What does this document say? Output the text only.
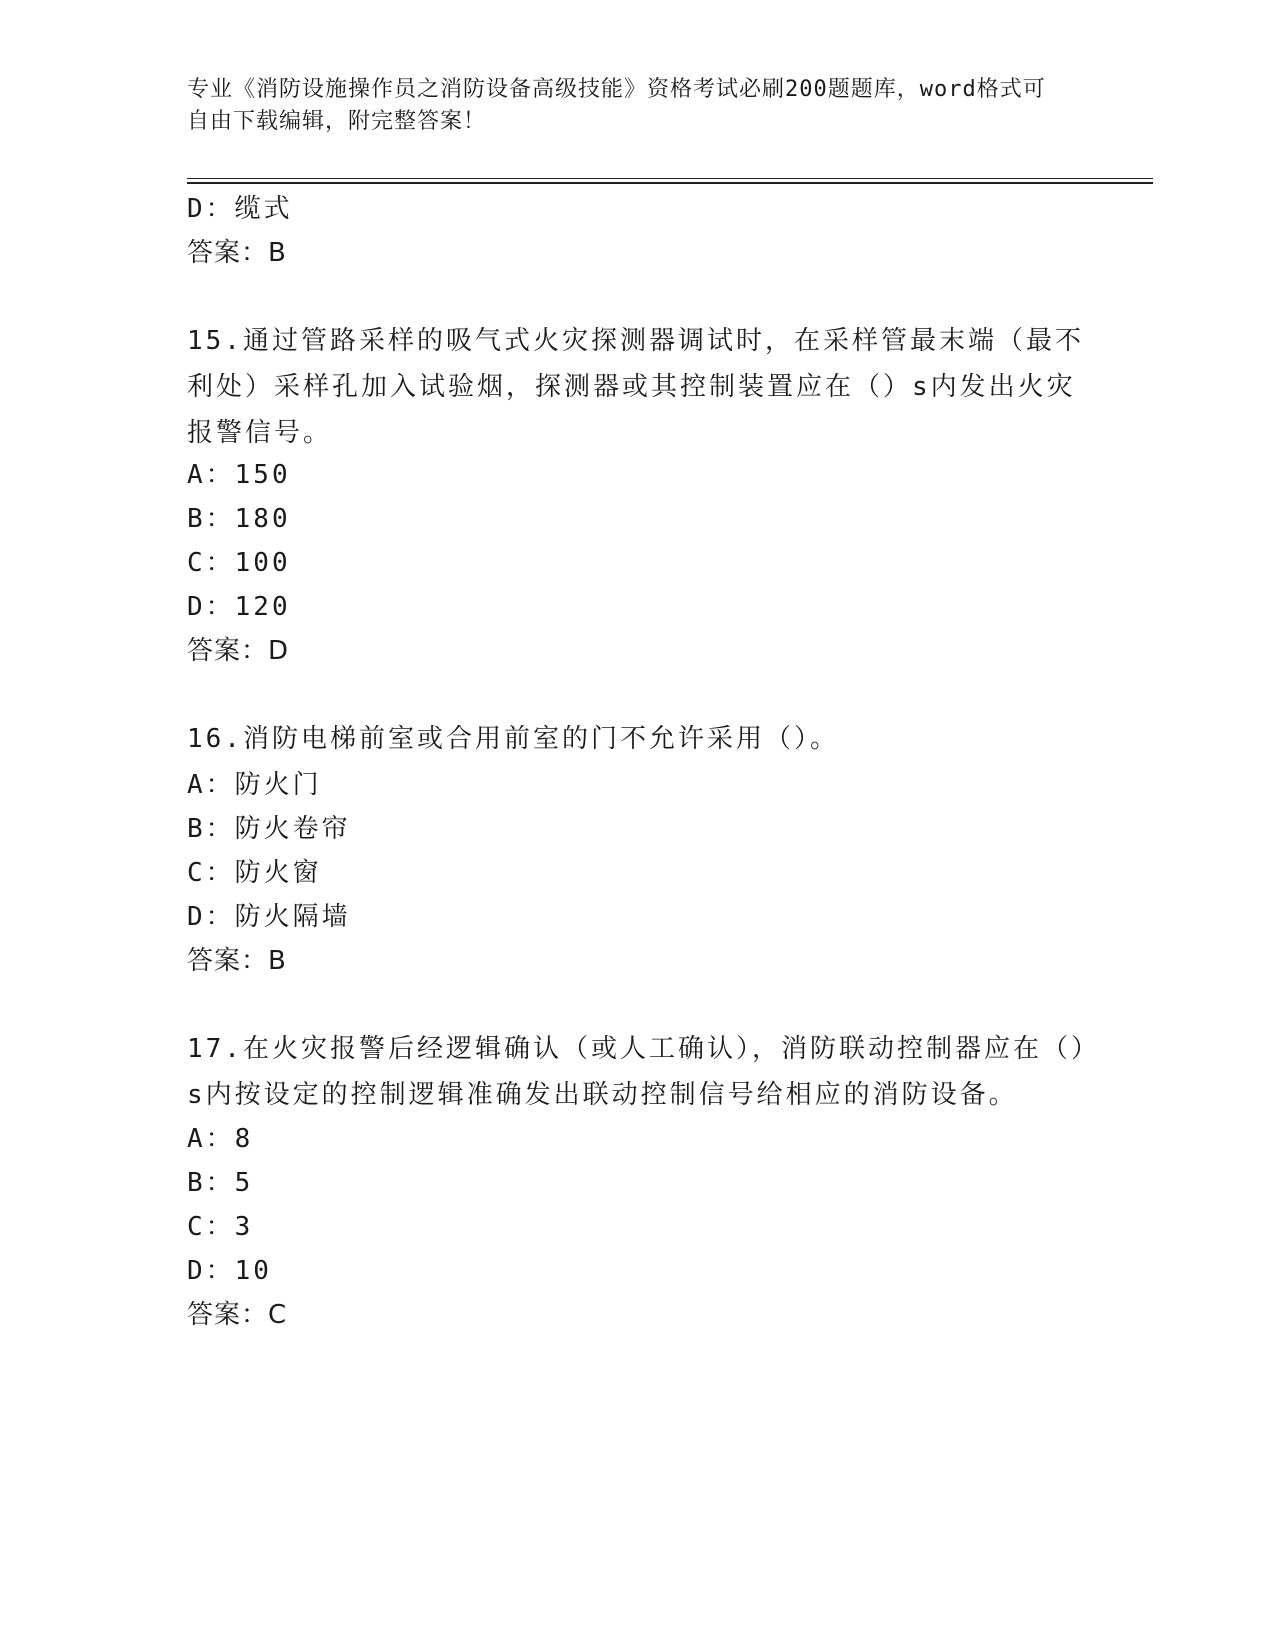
专业《消防设施操作员之消防设备高级技能》资格考试必刷200题题库，word格式可自由下载编辑，附完整答案！

D：缆式
答案：B
15.通过管路采样的吸气式火灾探测器调试时，在采样管最末端（最不利处）采样孔加入试验烟，探测器或其控制装置应在（）s内发出火灾报警信号。
A：150
B：180
C：100
D：120
答案：D
16.消防电梯前室或合用前室的门不允许采用（）。
A：防火门
B：防火卷帘
C：防火窗
D：防火隔墙
答案：B
17.在火灾报警后经逻辑确认（或人工确认），消防联动控制器应在（）s内按设定的控制逻辑准确发出联动控制信号给相应的消防设备。
A：8
B：5
C：3
D：10
答案：C
